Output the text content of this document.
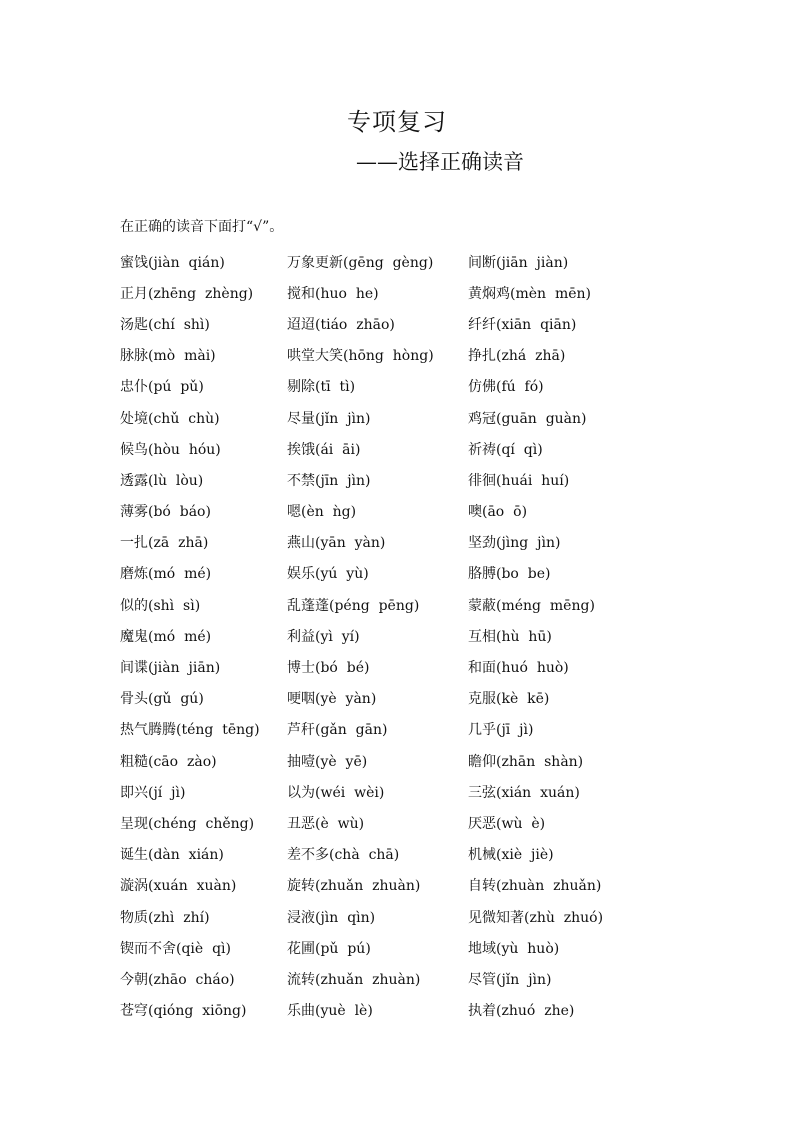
专项复习
——选择正确读音
在正确的读音下面打“√”。
蜜饯(jiàn  qián)	万象更新(gēng  gèng)	间断(jiān  jiàn)
正月(zhēng  zhèng)	搅和(huo  he)	黄焖鸡(mèn  mēn)
汤匙(chí  shì)	迢迢(tiáo  zhāo)	纤纤(xiān  qiān)
脉脉(mò  mài)	哄堂大笑(hōng  hòng)	挣扎(zhá  zhā)
忠仆(pú  pǔ)	剔除(tī  tì)	仿佛(fú  fó)
处境(chǔ  chù)	尽量(jǐn  jìn)	鸡冠(guān  guàn)
候鸟(hòu  hóu)	挨饿(ái  āi)	祈祷(qí  qì)
透露(lù  lòu)	不禁(jīn  jìn)	徘徊(huái  huí)
薄雾(bó  báo)	嗯(èn  ǹg)	噢(āo  ō)
一扎(zā  zhā)	燕山(yān  yàn)	坚劲(jìng  jìn)
磨炼(mó  mé)	娱乐(yú  yù)	胳膊(bo  be)
似的(shì  sì)	乱蓬蓬(péng  pēng)	蒙蔽(méng  mēng)
魔鬼(mó  mé)	利益(yì  yí)	互相(hù  hū)
间谍(jiàn  jiān)	博士(bó  bé)	和面(huó  huò)
骨头(gǔ  gú)	哽咽(yè  yàn)	克服(kè  kē)
热气腾腾(téng  tēng)	芦秆(gǎn  gān)	几乎(jī  jì)
粗糙(cāo  zào)	抽噎(yè  yē)	瞻仰(zhān  shàn)
即兴(jí  jì)	以为(wéi  wèi)	三弦(xián  xuán)
呈现(chéng  chěng)	丑恶(è  wù)	厌恶(wù  è)
诞生(dàn  xián)	差不多(chà  chā)	机械(xiè  jiè)
漩涡(xuán  xuàn)	旋转(zhuǎn  zhuàn)	自转(zhuàn  zhuǎn)
物质(zhì  zhí)	浸液(jìn  qìn)	见微知著(zhù  zhuó)
锲而不舍(qiè  qì)	花圃(pǔ  pú)	地域(yù  huò)
今朝(zhāo  cháo)	流转(zhuǎn  zhuàn)	尽管(jǐn  jìn)
苍穹(qióng  xiōng)	乐曲(yuè  lè)	执着(zhuó  zhe)
